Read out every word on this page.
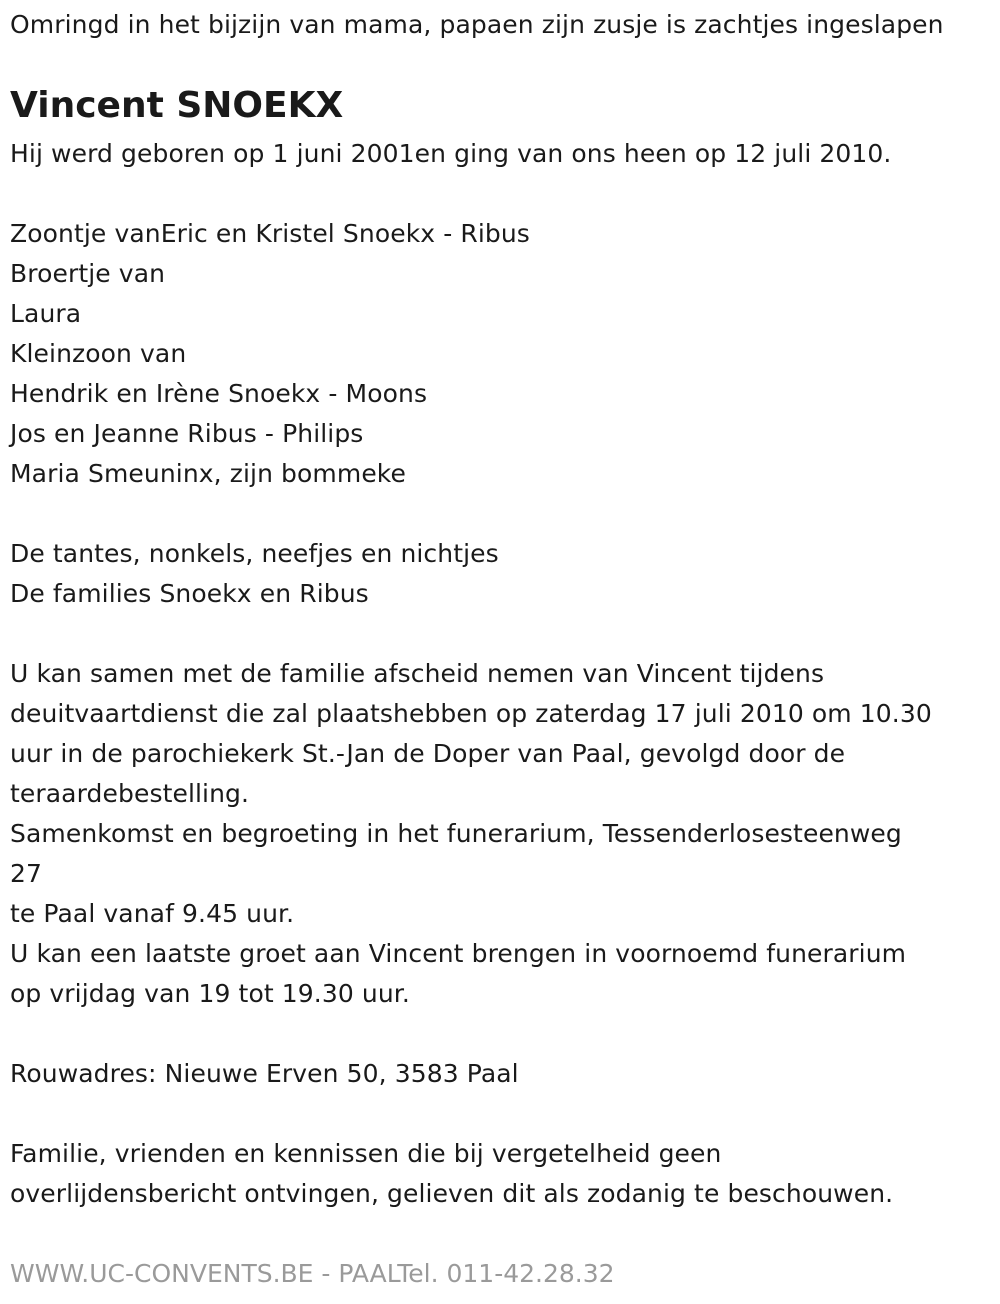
Omringd in het bijzijn van mama, papaen zijn zusje is zachtjes ingeslapen
Vincent SNOEKX
Hij werd geboren op 1 juni 2001en ging van ons heen op 12 juli 2010.
Zoontje vanEric en Kristel Snoekx - Ribus
Broertje van
Laura
Kleinzoon van
Hendrik en Irène Snoekx - Moons
Jos en Jeanne Ribus - Philips
Maria Smeuninx, zijn bommeke
De tantes, nonkels, neefjes en nichtjes
De families Snoekx en Ribus
U kan samen met de familie afscheid nemen van Vincent tijdens
deuitvaartdienst die zal plaatshebben op zaterdag 17 juli 2010 om 10.30
uur in de parochiekerk St.-Jan de Doper van Paal, gevolgd door de
teraardebestelling.
Samenkomst en begroeting in het funerarium, Tessenderlosesteenweg
27
te Paal vanaf 9.45 uur.
U kan een laatste groet aan Vincent brengen in voornoemd funerarium
op vrijdag van 19 tot 19.30 uur.
Rouwadres: Nieuwe Erven 50, 3583 Paal
Familie, vrienden en kennissen die bij vergetelheid geen
overlijdensbericht ontvingen, gelieven dit als zodanig te beschouwen.
WWW.UC-CONVENTS.BE - PAALTel. 011-42.28.32
